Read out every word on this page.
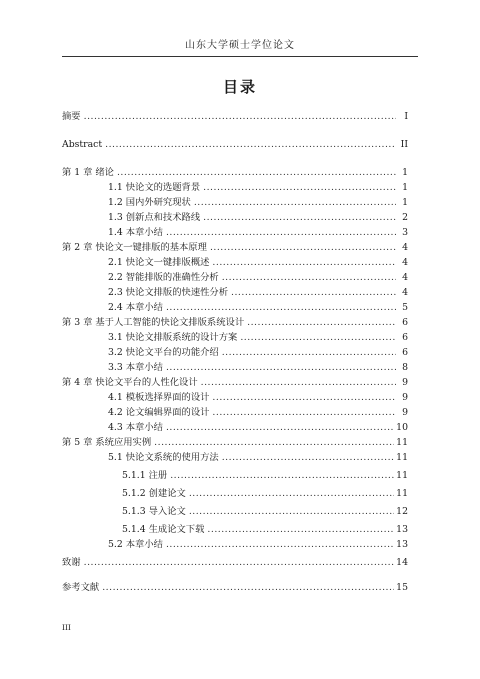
山东大学硕士学位论文
目录
摘要 .....	I
Abstract .....	II
第 1 章 绪论 .....	1
1.1 快论文的选题背景 .....	1
1.2 国内外研究现状 .....	1
1.3 创新点和技术路线 .....	2
1.4 本章小结 .....	3
第 2 章 快论文一键排版的基本原理 .....	4
2.1 快论文一键排版概述 .....	4
2.2 智能排版的准确性分析 .....	4
2.3 快论文排版的快速性分析 .....	4
2.4 本章小结 .....	5
第 3 章 基于人工智能的快论文排版系统设计 .....	6
3.1 快论文排版系统的设计方案 .....	6
3.2 快论文平台的功能介绍 .....	6
3.3 本章小结 .....	8
第 4 章 快论文平台的人性化设计 .....	9
4.1 模板选择界面的设计 .....	9
4.2 论文编辑界面的设计 .....	9
4.3 本章小结 .....	10
第 5 章 系统应用实例 .....	11
5.1 快论文系统的使用方法 .....	11
5.1.1 注册 .....	11
5.1.2 创建论文 .....	11
5.1.3 导入论文 .....	12
5.1.4 生成论文下载 .....	13
5.2 本章小结 .....	13
致谢 .....	14
参考文献 .....	15
III
